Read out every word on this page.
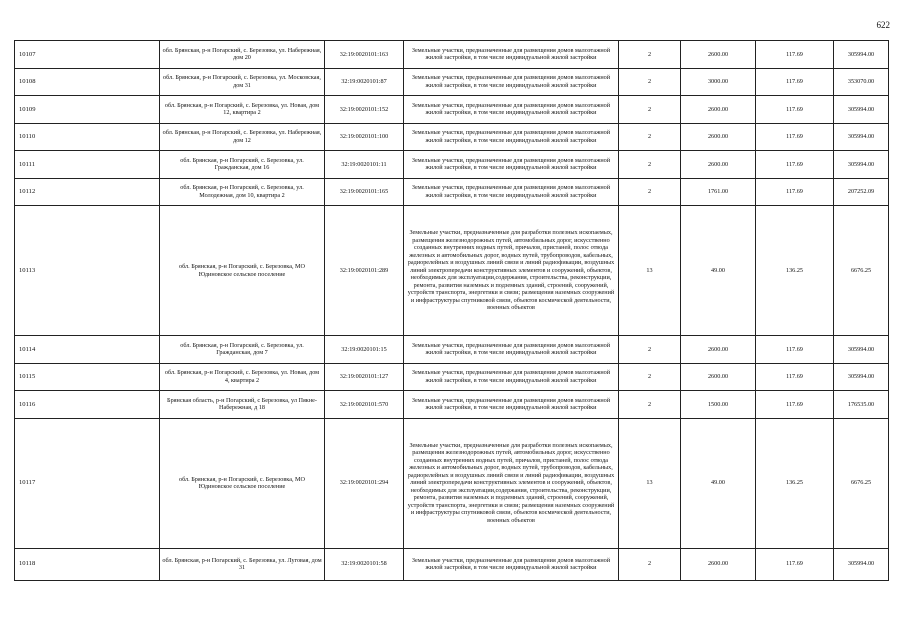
622
10107	обл. Брянская, р-н Погарский, с. Березовка, ул. Набережная, дом 20	32:19:0020101:163	Земельные участки, предназначенные для размещения домов малоэтажной жилой застройки, в том числе индивидуальной жилой застройки	2	2600.00	117.69	305994.00
10108	обл. Брянская, р-н Погарский, с. Березовка, ул. Московская, дом 31	32:19:0020101:87	Земельные участки, предназначенные для размещения домов малоэтажной жилой застройки, в том числе индивидуальной жилой застройки	2	3000.00	117.69	353070.00
10109	обл. Брянская, р-н Погарский, с. Березовка, ул. Новая, дом 12, квартира 2	32:19:0020101:152	Земельные участки, предназначенные для размещения домов малоэтажной жилой застройки, в том числе индивидуальной жилой застройки	2	2600.00	117.69	305994.00
10110	обл. Брянская, р-н Погарский, с. Березовка, ул. Набережная, дом 12	32:19:0020101:100	Земельные участки, предназначенные для размещения домов малоэтажной жилой застройки, в том числе индивидуальной жилой застройки	2	2600.00	117.69	305994.00
10111	обл. Брянская, р-н Погарский, с. Березовка, ул. Гражданская, дом 16	32:19:0020101:11	Земельные участки, предназначенные для размещения домов малоэтажной жилой застройки, в том числе индивидуальной жилой застройки	2	2600.00	117.69	305994.00
10112	обл. Брянская, р-н Погарский, с. Березовка, ул. Молодежная, дом 10, квартира 2	32:19:0020101:165	Земельные участки, предназначенные для размещения домов малоэтажной жилой застройки, в том числе индивидуальной жилой застройки	2	1761.00	117.69	207252.09
10113	обл. Брянская, р-н Погарский, с. Березовка, МО Юдиновское сельское поселение	32:19:0020101:289	Земельные участки, предназначенные для разработки полезных ископаемых, размещения железнодорожных путей, автомобильных дорог, искусственно созданных внутренних водных путей, причалов, пристаней, полос отвода железных и автомобильных дорог, водных путей, трубопроводов, кабельных, радиорелейных и воздушных линий связи и линий радиофикации, воздушных линий электропередачи конструктивных элементов и сооружений, объектов, необходимых для эксплуатации,содержания, строительства, реконструкции, ремонта, развития наземных и подземных зданий, строений, сооружений, устройств транспорта, энергетики и связи; размещения наземных сооружений и инфраструктуры спутниковой связи, объектов космической деятельности, военных объектов	13	49.00	136.25	6676.25
10114	обл. Брянская, р-н Погарский, с. Березовка, ул. Гражданская, дом 7	32:19:0020101:15	Земельные участки, предназначенные для размещения домов малоэтажной жилой застройки, в том числе индивидуальной жилой застройки	2	2600.00	117.69	305994.00
10115	обл. Брянская, р-н Погарский, с. Березовка, ул. Новая, дом 4, квартира 2	32:19:0020101:127	Земельные участки, предназначенные для размещения домов малоэтажной жилой застройки, в том числе индивидуальной жилой застройки	2	2600.00	117.69	305994.00
10116	Брянская область, р-н Погарский, с Березовка, ул Пякне-Набережная, д 18	32:19:0020101:570	Земельные участки, предназначенные для размещения домов малоэтажной жилой застройки, в том числе индивидуальной жилой застройки	2	1500.00	117.69	176535.00
10117	обл. Брянская, р-н Погарский, с. Березовка, МО Юдиновское сельское поселение	32:19:0020101:294	Земельные участки, предназначенные для разработки полезных ископаемых, размещения железнодорожных путей, автомобильных дорог, искусственно созданных внутренних водных путей, причалов, пристаней, полос отвода железных и автомобильных дорог, водных путей, трубопроводов, кабельных, радиорелейных и воздушных линий связи и линий радиофикации, воздушных линий электропередачи конструктивных элементов и сооружений, объектов, необходимых для эксплуатации,содержания, строительства, реконструкции, ремонта, развития наземных и подземных зданий, строений, сооружений, устройств транспорта, энергетики и связи; размещения наземных сооружений и инфраструктуры спутниковой связи, объектов космической деятельности, военных объектов	13	49.00	136.25	6676.25
10118	обл. Брянская, р-н Погарский, с. Березовка, ул. Луговая, дом 31	32:19:0020101:58	Земельные участки, предназначенные для размещения домов малоэтажной жилой застройки, в том числе индивидуальной жилой застройки	2	2600.00	117.69	305994.00
